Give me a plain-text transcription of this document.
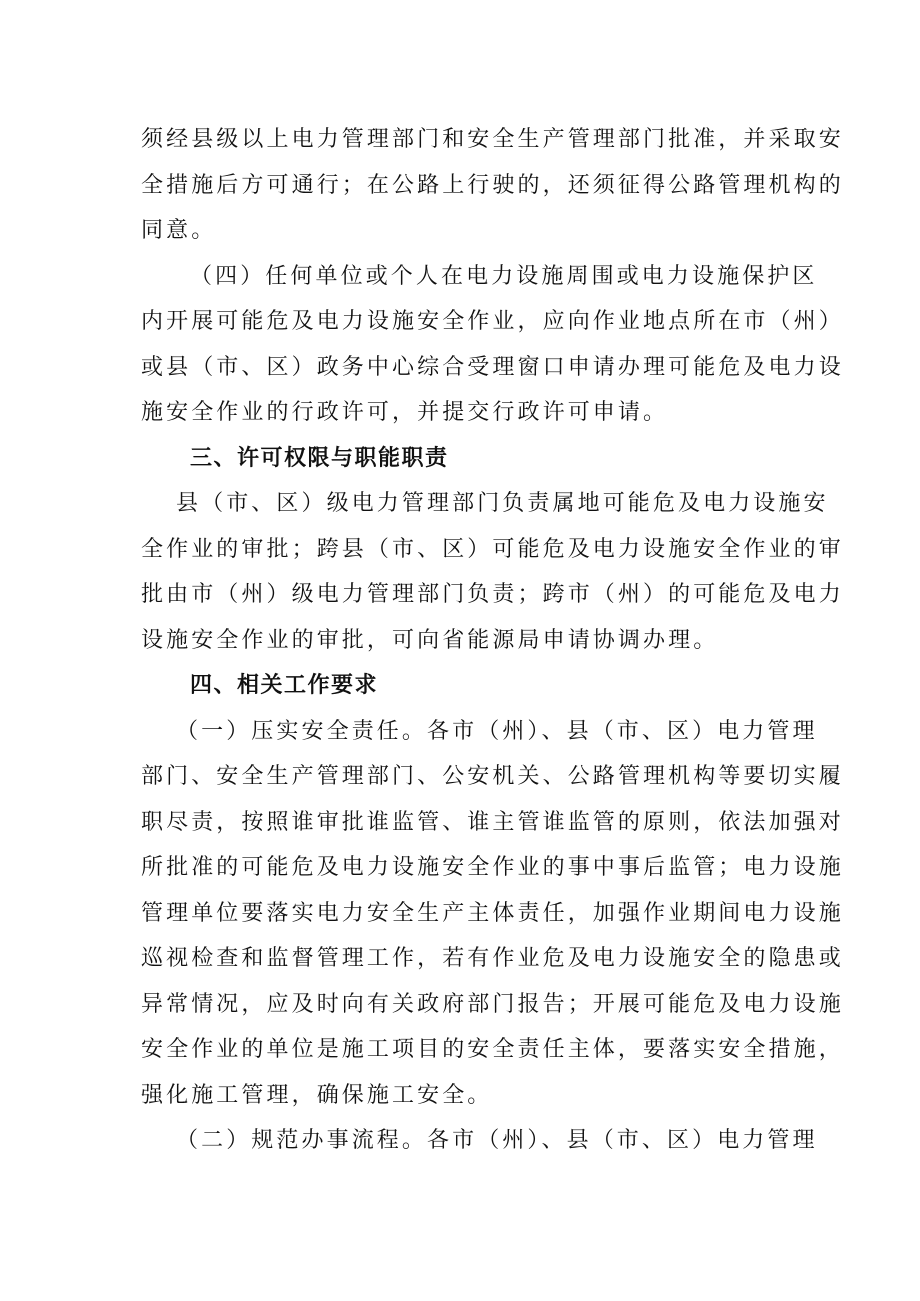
须经县级以上电力管理部门和安全生产管理部门批准，并采取安
全措施后方可通行；在公路上行驶的，还须征得公路管理机构的
同意。

（四）任何单位或个人在电力设施周围或电力设施保护区
内开展可能危及电力设施安全作业，应向作业地点所在市（州）
或县（市、区）政务中心综合受理窗口申请办理可能危及电力设
施安全作业的行政许可，并提交行政许可申请。

三、许可权限与职能职责

县（市、区）级电力管理部门负责属地可能危及电力设施安
全作业的审批；跨县（市、区）可能危及电力设施安全作业的审
批由市（州）级电力管理部门负责；跨市（州）的可能危及电力
设施安全作业的审批，可向省能源局申请协调办理。

四、相关工作要求

（一）压实安全责任。各市（州）、县（市、区）电力管理
部门、安全生产管理部门、公安机关、公路管理机构等要切实履
职尽责，按照谁审批谁监管、谁主管谁监管的原则，依法加强对
所批准的可能危及电力设施安全作业的事中事后监管；电力设施
管理单位要落实电力安全生产主体责任，加强作业期间电力设施
巡视检查和监督管理工作，若有作业危及电力设施安全的隐患或
异常情况，应及时向有关政府部门报告；开展可能危及电力设施
安全作业的单位是施工项目的安全责任主体，要落实安全措施，
强化施工管理，确保施工安全。

（二）规范办事流程。各市（州）、县（市、区）电力管理
